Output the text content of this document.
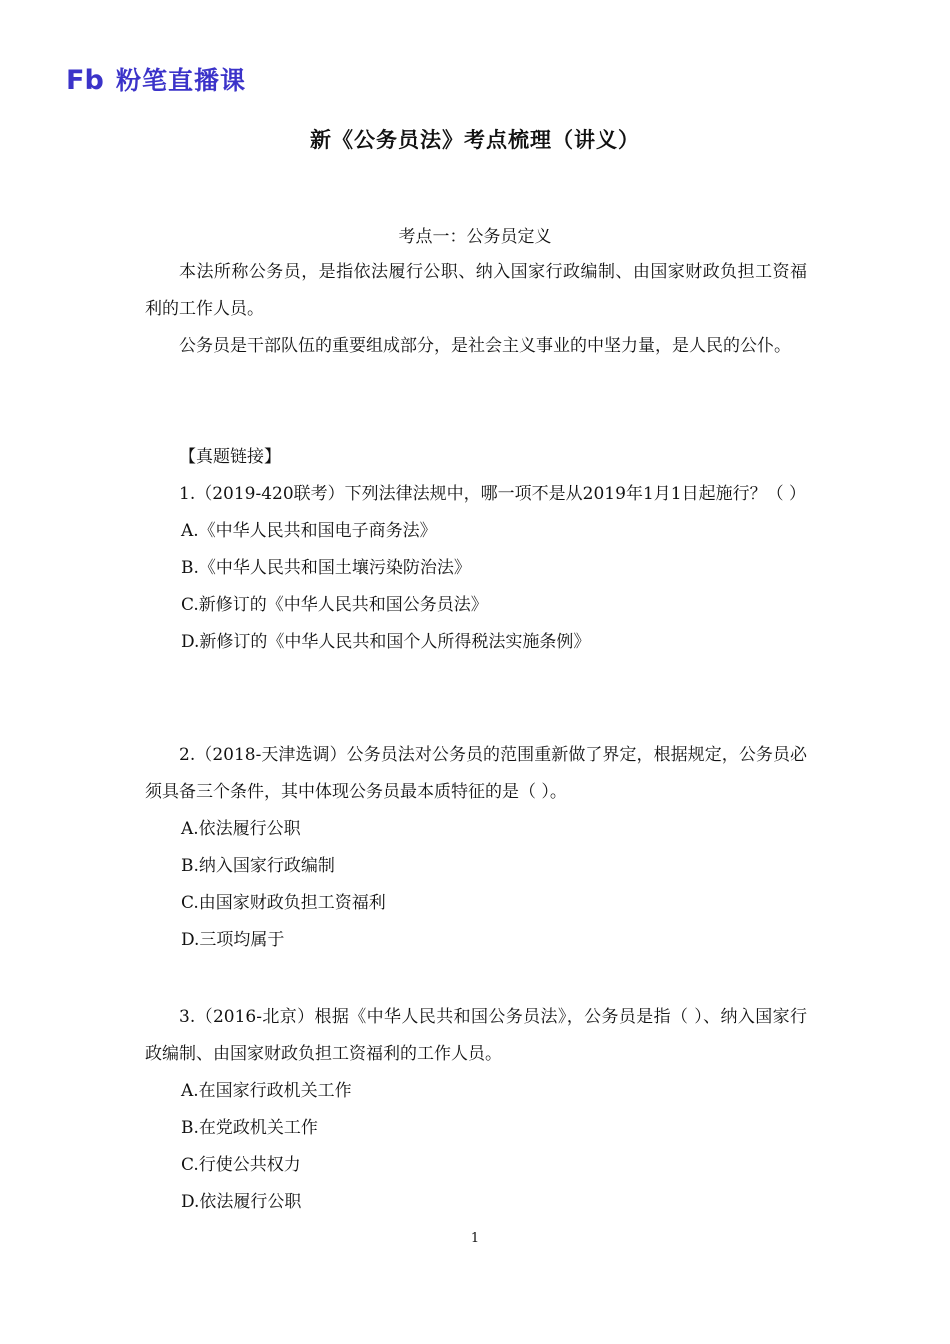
Fb 粉笔 直播课
新《公务员法》考点梳理（讲义）
考点一：公务员定义

本法所称公务员，是指依法履行公职、纳入国家行政编制、由国家财政负担工资福利的工作人员。

公务员是干部队伍的重要组成部分，是社会主义事业的中坚力量，是人民的公仆。

【真题链接】

1.（2019-420联考）下列法律法规中，哪一项不是从2019年1月1日起施行？（ ）

A.《中华人民共和国电子商务法》

B.《中华人民共和国土壤污染防治法》

C.新修订的《中华人民共和国公务员法》

D.新修订的《中华人民共和国个人所得税法实施条例》

2.（2018-天津选调）公务员法对公务员的范围重新做了界定，根据规定，公务员必须具备三个条件，其中体现公务员最本质特征的是（ ）。

A.依法履行公职

B.纳入国家行政编制

C.由国家财政负担工资福利

D.三项均属于

3.（2016-北京）根据《中华人民共和国公务员法》，公务员是指（ ）、纳入国家行政编制、由国家财政负担工资福利的工作人员。

A.在国家行政机关工作

B.在党政机关工作

C.行使公共权力

D.依法履行公职

1
